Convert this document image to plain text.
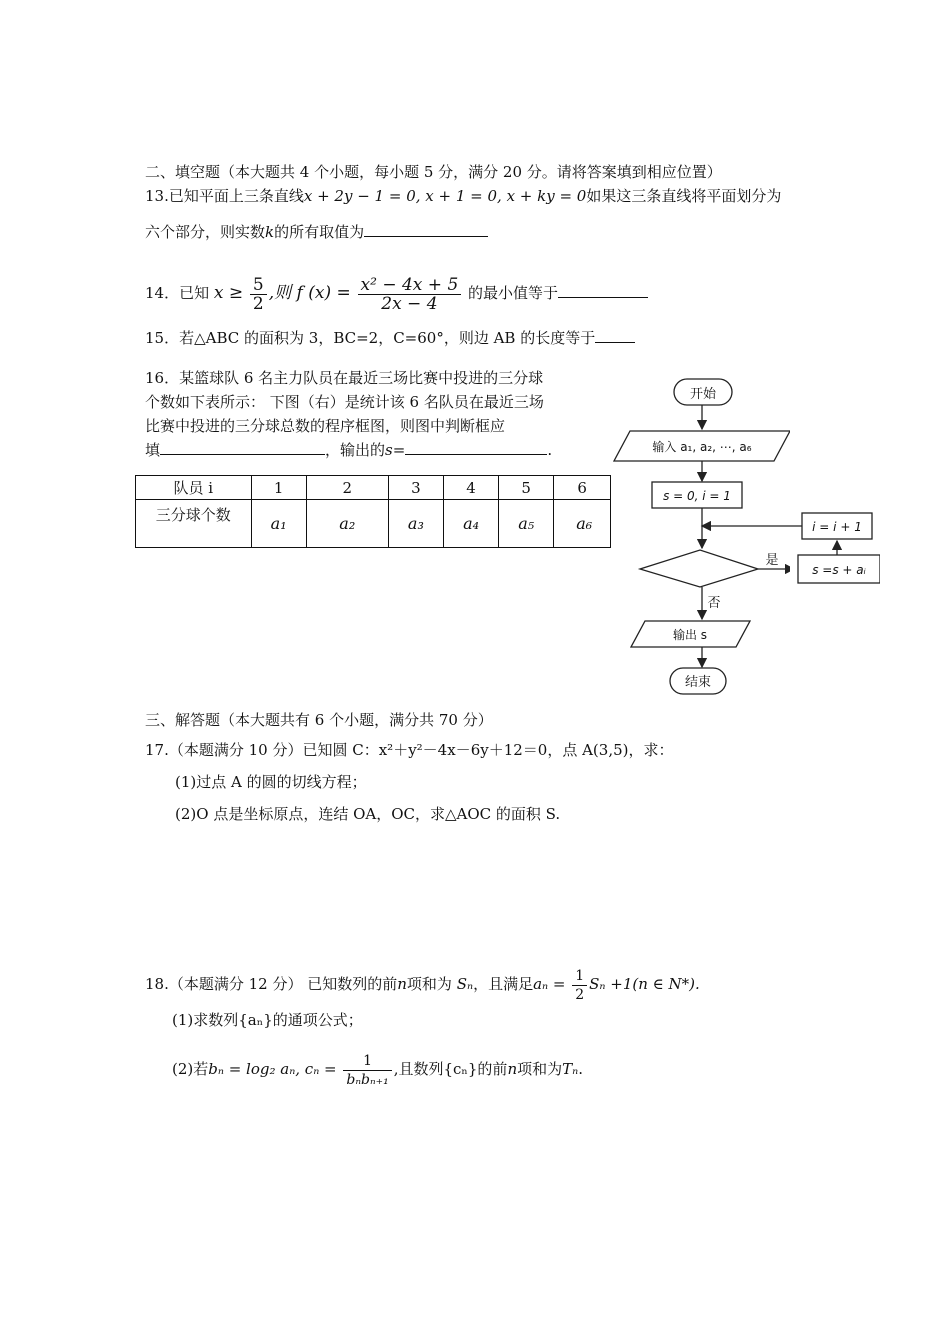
二、填空题（本大题共 4 个小题，每小题 5 分，满分 20 分。请将答案填到相应位置）
13.已知平面上三条直线x + 2y − 1 = 0, x + 1 = 0, x + ky = 0如果这三条直线将平面划分为
六个部分，则实数k的所有取值为
14．已知 $x \ge \frac{5}{2}$ ,则 f $(x) = \frac{\text{x² − 4x + 5}}{2x - 4}$ 的最小值等于
15．若△ABC 的面积为 3，BC=2，C=60°，则边 AB 的长度等于
16．某篮球队 6 名主力队员在最近三场比赛中投进的三分球
个数如下表所示： 下图（右）是统计该 6 名队员在最近三场
比赛中投进的三分球总数的程序框图，则图中判断框应
填	，输出的s=	.
队员 i	1	2	3	4	5	6
三分球个数	a₁	a₂	a₃	a₄	a₅	a₆
开始
输入 a₁, a₂, ⋯, a₆
s = 0, i = 1
是
否
输出 s
结束
i = i + 1
s =s + aᵢ
三、解答题（本大题共有 6 个小题，满分共 70 分）
17.（本题满分 10 分）已知圆 C：x²＋y²－4x－6y＋12＝0，点 A(3,5)，求：
(1)过点 A 的圆的切线方程；
(2)O 点是坐标原点，连结 OA，OC，求△AOC 的面积 S.
18.（本题满分 12 分） 已知数列的前n项和为 Sₙ，且满足$a_n = \frac{1}{2}$ Sₙ +1(n ∈ N*).
(1)求数列{aₙ}的通项公式；
(2)若bₙ = log₂ aₙ, $c_n = \frac{1}{\text{bₙbₙ₊₁}}$ ,且数列{cₙ}的前n项和为Tₙ.
